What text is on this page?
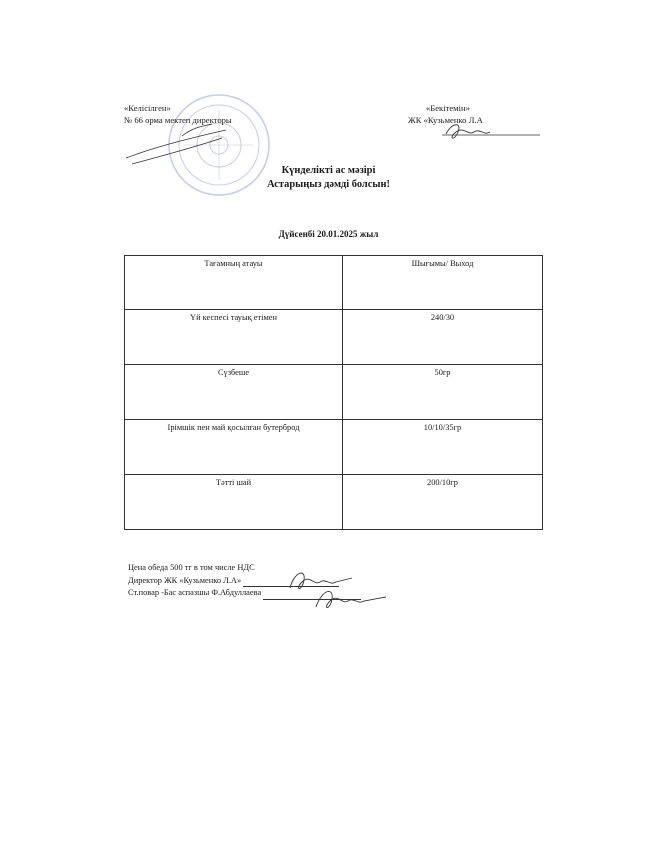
«Келісілген»
№ 66 орма мектеп директоры
«Бекітемін»
ЖК «Кузьменко Л.А
Күнделікті ас мәзірі
Астарыңыз дәмді болсын!
Дүйсенбі 20.01.2025 жыл
Тағамның атауы	Шығымы/ Выход
Үй кеспесі тауық етімен	240/30
Сүзбеше	50гр
Ірімшік пен май қосылған бутерброд	10/10/35гр
Тәтті шай	200/10гр
Цена обеда 500 тг в том числе НДС
Директор ЖК «Кузьменко Л.А»
Ст.повар -Бас аспазшы Ф.Абдуллаева
